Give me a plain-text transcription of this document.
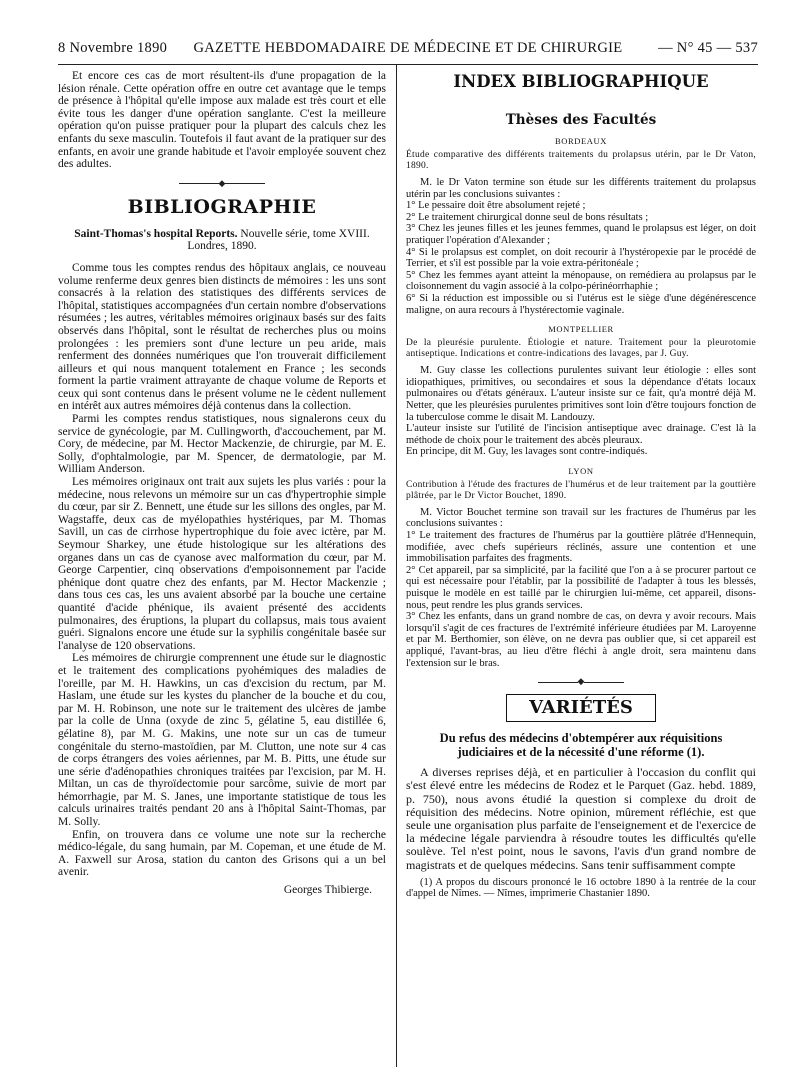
8 Novembre 1890	GAZETTE HEBDOMADAIRE DE MÉDECINE ET DE CHIRURGIE	— N° 45 — 537

Et encore ces cas de mort résultent-ils d'une propagation de la lésion rénale. Cette opération offre en outre cet avantage que le temps de présence à l'hôpital qu'elle impose aux malade est très court et elle évite tous les danger d'une opération sanglante. C'est la meilleure opération qu'on puisse pratiquer pour la plupart des calculs chez les enfants du sexe masculin. Toutefois il faut avant de la pratiquer sur des enfants, en avoir une grande habitude et l'avoir employée souvent chez des adultes.

◆
BIBLIOGRAPHIE

Saint-Thomas's hospital Reports. Nouvelle série, tome XVIII. Londres, 1890.

Comme tous les comptes rendus des hôpitaux anglais, ce nouveau volume renferme deux genres bien distincts de mémoires : les uns sont consacrés à la relation des statistiques des différents services de l'hôpital, statistiques accompagnées d'un certain nombre d'observations résumées ; les autres, véritables mémoires originaux basés sur des faits observés dans l'hôpital, sont le résultat de recherches plus ou moins prolongées : les premiers sont d'une lecture un peu aride, mais renferment des données numériques que l'on trouverait difficilement ailleurs et qui nous manquent totalement en France ; les seconds forment la partie vraiment attrayante de chaque volume de Reports et ceux qui sont contenus dans le présent volume ne le cèdent nullement en intérêt aux autres mémoires déjà contenus dans la collection.

Parmi les comptes rendus statistiques, nous signalerons ceux du service de gynécologie, par M. Cullingworth, d'accouchement, par M. Cory, de médecine, par M. Hector Mackenzie, de chirurgie, par M. E. Solly, d'ophtalmologie, par M. Spencer, de dermatologie, par M. William Anderson.

Les mémoires originaux ont trait aux sujets les plus variés : pour la médecine, nous relevons un mémoire sur un cas d'hypertrophie simple du cœur, par sir Z. Bennett, une étude sur les sillons des ongles, par M. Wagstaffe, deux cas de myélopathies hystériques, par M. Thomas Savill, un cas de cirrhose hypertrophique du foie avec ictère, par M. Seymour Sharkey, une étude histologique sur les altérations des organes dans un cas de cyanose avec malformation du cœur, par M. George Carpentier, cinq observations d'empoisonnement par l'acide phénique dont quatre chez des enfants, par M. Hector Mackenzie ; dans tous ces cas, les uns avaient absorbé par la bouche une certaine quantité d'acide phénique, ils avaient présenté des accidents pulmonaires, des éruptions, la plupart du collapsus, mais tous avaient guéri. Signalons encore une étude sur la syphilis congénitale basée sur l'analyse de 120 observations.

Les mémoires de chirurgie comprennent une étude sur le diagnostic et le traitement des complications pyohémiques des maladies de l'oreille, par M. H. Hawkins, un cas d'excision du rectum, par M. Haslam, une étude sur les kystes du plancher de la bouche et du cou, par M. H. Robinson, une note sur le traitement des ulcères de jambe par la colle de Unna (oxyde de zinc 5, gélatine 5, eau distillée 6, gélatine 8), par M. G. Makins, une note sur un cas de tumeur congénitale du sterno-mastoïdien, par M. Clutton, une note sur 4 cas de corps étrangers des voies aériennes, par M. B. Pitts, une étude sur une série d'adénopathies chroniques traitées par l'excision, par M. H. Miltan, un cas de thyroïdectomie pour sarcôme, suivie de mort par hémorrhagie, par M. S. Janes, une importante statistique de tous les calculs urinaires traités pendant 20 ans à l'hôpital Saint-Thomas, par M. Solly.

Enfin, on trouvera dans ce volume une note sur la recherche médico-légale, du sang humain, par M. Copeman, et une étude de M. A. Faxwell sur Arosa, station du canton des Grisons qui a un bel avenir.

Georges Thibierge.

INDEX BIBLIOGRAPHIQUE
Thèses des Facultés
BORDEAUX

Étude comparative des différents traitements du prolapsus utérin, par le Dr Vaton, 1890.

M. le Dr Vaton termine son étude sur les différents traitement du prolapsus utérin par les conclusions suivantes :
1° Le pessaire doit être absolument rejeté ;
2° Le traitement chirurgical donne seul de bons résultats ;
3° Chez les jeunes filles et les jeunes femmes, quand le prolapsus est léger, on doit pratiquer l'opération d'Alexander ;
4° Si le prolapsus est complet, on doit recourir à l'hystéropexie par le procédé de Terrier, et s'il est possible par la voie extra-péritonéale ;
5° Chez les femmes ayant atteint la ménopause, on remédiera au prolapsus par le cloisonnement du vagin associé à la colpo-périnéorrhaphie ;
6° Si la réduction est impossible ou si l'utérus est le siège d'une dégénérescence maligne, on aura recours à l'hystérectomie vaginale.

MONTPELLIER

De la pleurésie purulente. Étiologie et nature. Traitement pour la pleurotomie antiseptique. Indications et contre-indications des lavages, par J. Guy.

M. Guy classe les collections purulentes suivant leur étiologie : elles sont idiopathiques, primitives, ou secondaires et sous la dépendance d'états locaux pulmonaires ou d'états généraux. L'auteur insiste sur ce fait, qu'a montré déjà M. Netter, que les pleurésies purulentes primitives sont loin d'être toujours fonction de la tuberculose comme le disait M. Landouzy.
L'auteur insiste sur l'utilité de l'incision antiseptique avec drainage. C'est là la méthode de choix pour le traitement des abcès pleuraux.
En principe, dit M. Guy, les lavages sont contre-indiqués.

LYON

Contribution à l'étude des fractures de l'humérus et de leur traitement par la gouttière plâtrée, par le Dr Victor Bouchet, 1890.

M. Victor Bouchet termine son travail sur les fractures de l'humérus par les conclusions suivantes :
1° Le traitement des fractures de l'humérus par la gouttière plâtrée d'Hennequin, modifiée, avec chefs supérieurs réclinés, assure une contention et une immobilisation parfaites des fragments.
2° Cet appareil, par sa simplicité, par la facilité que l'on a à se procurer partout ce qui est nécessaire pour l'établir, par la possibilité de l'adapter à tous les blessés, puisque le modèle en est taillé par le chirurgien lui-même, cet appareil, disons-nous, peut rendre les plus grands services.
3° Chez les enfants, dans un grand nombre de cas, on devra y avoir recours. Mais lorsqu'il s'agit de ces fractures de l'extrémité inférieure étudiées par M. Laroyenne et par M. Berthomier, son élève, on ne devra pas oublier que, si cet appareil est appliqué, l'avant-bras, au lieu d'être fléchi à angle droit, sera maintenu dans l'extension sur le bras.

◆
VARIÉTÉS

Du refus des médecins d'obtempérer aux réquisitions judiciaires et de la nécessité d'une réforme (1).

A diverses reprises déjà, et en particulier à l'occasion du conflit qui s'est élevé entre les médecins de Rodez et le Parquet (Gaz. hebd. 1889, p. 750), nous avons étudié la question si complexe du droit de réquisition des médecins. Notre opinion, mûrement réfléchie, est que seule une organisation plus parfaite de l'enseignement et de l'exercice de la médecine légale parviendra à résoudre toutes les difficultés qu'elle soulève. Tel n'est point, nous le savons, l'avis d'un grand nombre de magistrats et de quelques médecins. Sans tenir suffisamment compte

(1) A propos du discours prononcé le 16 octobre 1890 à la rentrée de la cour d'appel de Nîmes. — Nîmes, imprimerie Chastanier 1890.
